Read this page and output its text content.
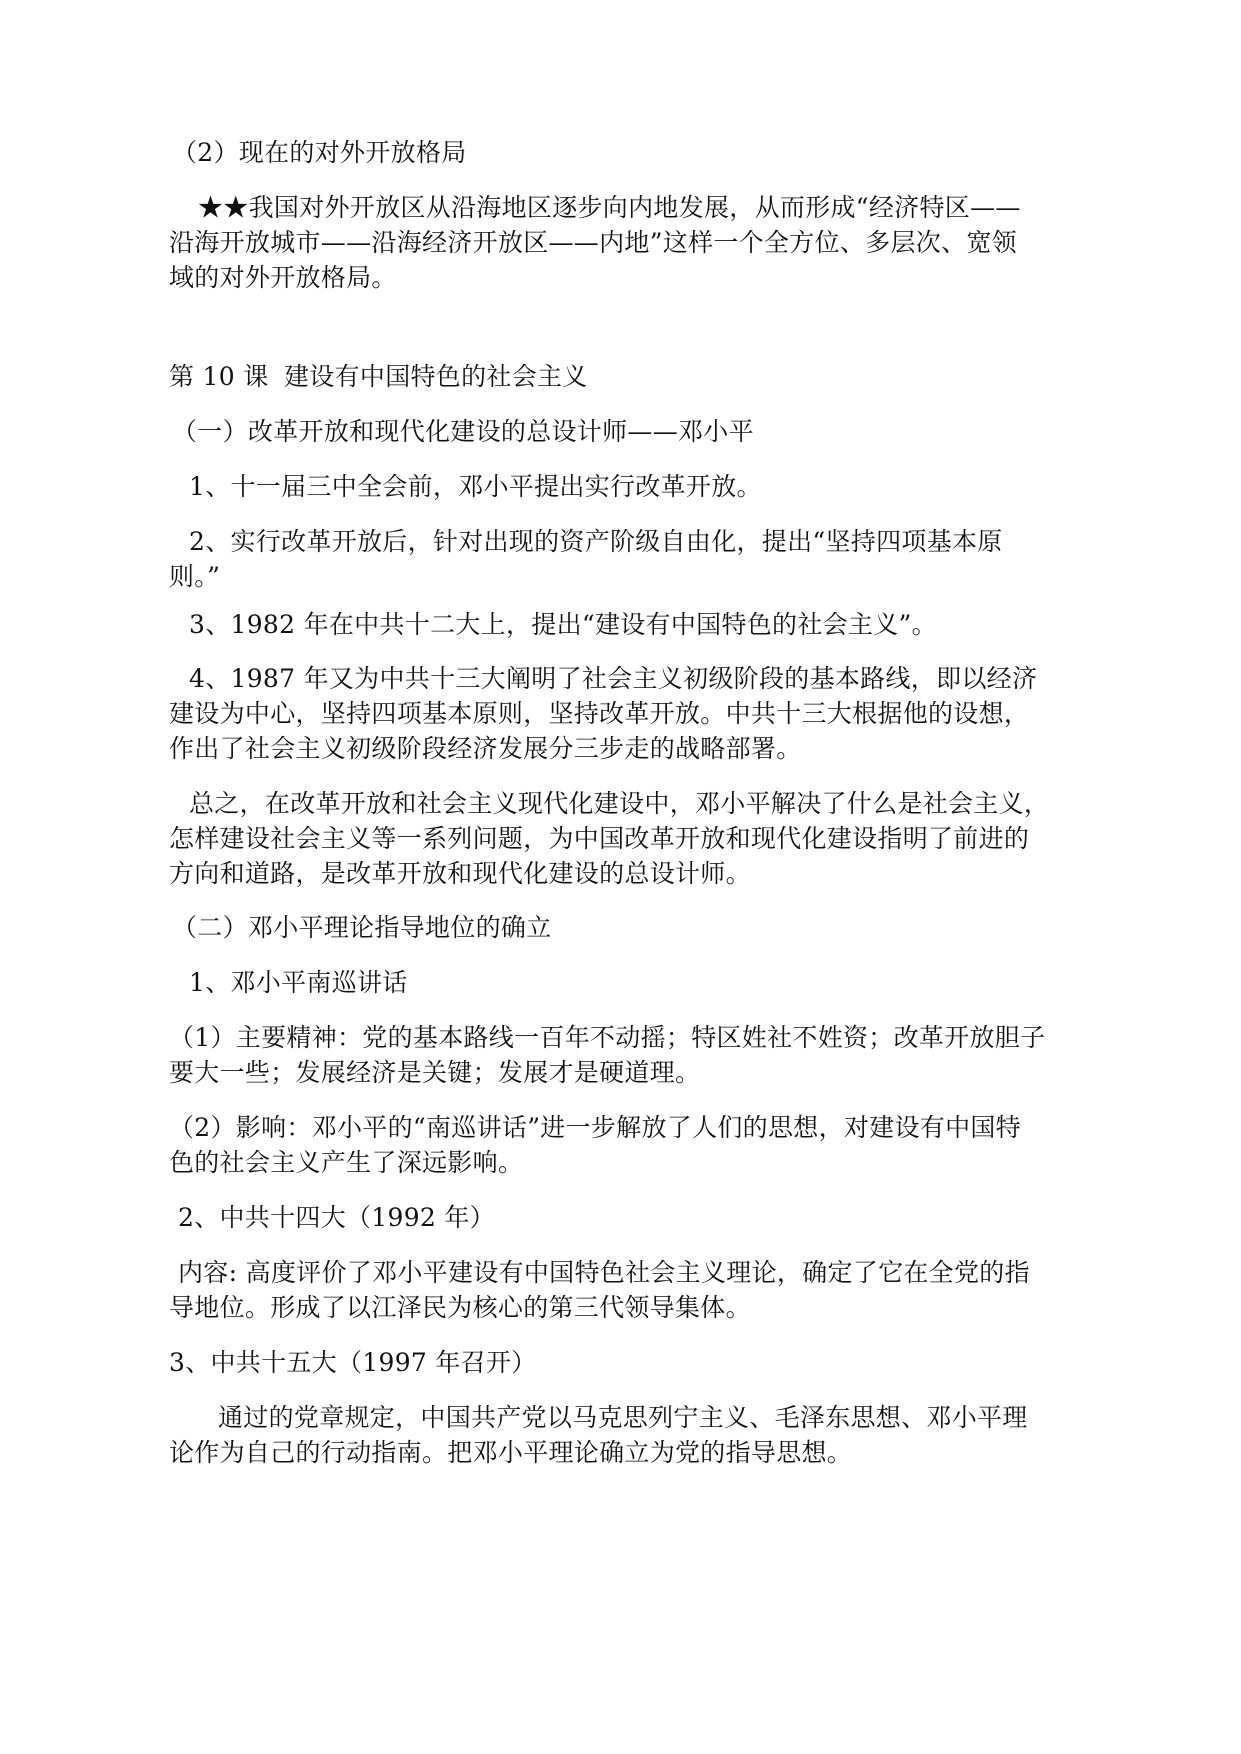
（2）现在的对外开放格局
★★我国对外开放区从沿海地区逐步向内地发展，从而形成“经济特区——
沿海开放城市——沿海经济开放区——内地”这样一个全方位、多层次、宽领
域的对外开放格局。
第 10 课 建设有中国特色的社会主义
（一）改革开放和现代化建设的总设计师——邓小平
1、十一届三中全会前，邓小平提出实行改革开放。
2、实行改革开放后，针对出现的资产阶级自由化，提出“坚持四项基本原
则。”
3、1982 年在中共十二大上，提出“建设有中国特色的社会主义”。
4、1987 年又为中共十三大阐明了社会主义初级阶段的基本路线，即以经济
建设为中心，坚持四项基本原则，坚持改革开放。中共十三大根据他的设想，
作出了社会主义初级阶段经济发展分三步走的战略部署。
总之，在改革开放和社会主义现代化建设中，邓小平解决了什么是社会主义，
怎样建设社会主义等一系列问题，为中国改革开放和现代化建设指明了前进的
方向和道路，是改革开放和现代化建设的总设计师。
（二）邓小平理论指导地位的确立
1、邓小平南巡讲话
（1）主要精神：党的基本路线一百年不动摇；特区姓社不姓资；改革开放胆子
要大一些；发展经济是关键；发展才是硬道理。
（2）影响：邓小平的“南巡讲话”进一步解放了人们的思想，对建设有中国特
色的社会主义产生了深远影响。
2、中共十四大（1992 年）
内容: 高度评价了邓小平建设有中国特色社会主义理论，确定了它在全党的指
导地位。形成了以江泽民为核心的第三代领导集体。
3、中共十五大（1997 年召开）
通过的党章规定，中国共产党以马克思列宁主义、毛泽东思想、邓小平理
论作为自己的行动指南。把邓小平理论确立为党的指导思想。
